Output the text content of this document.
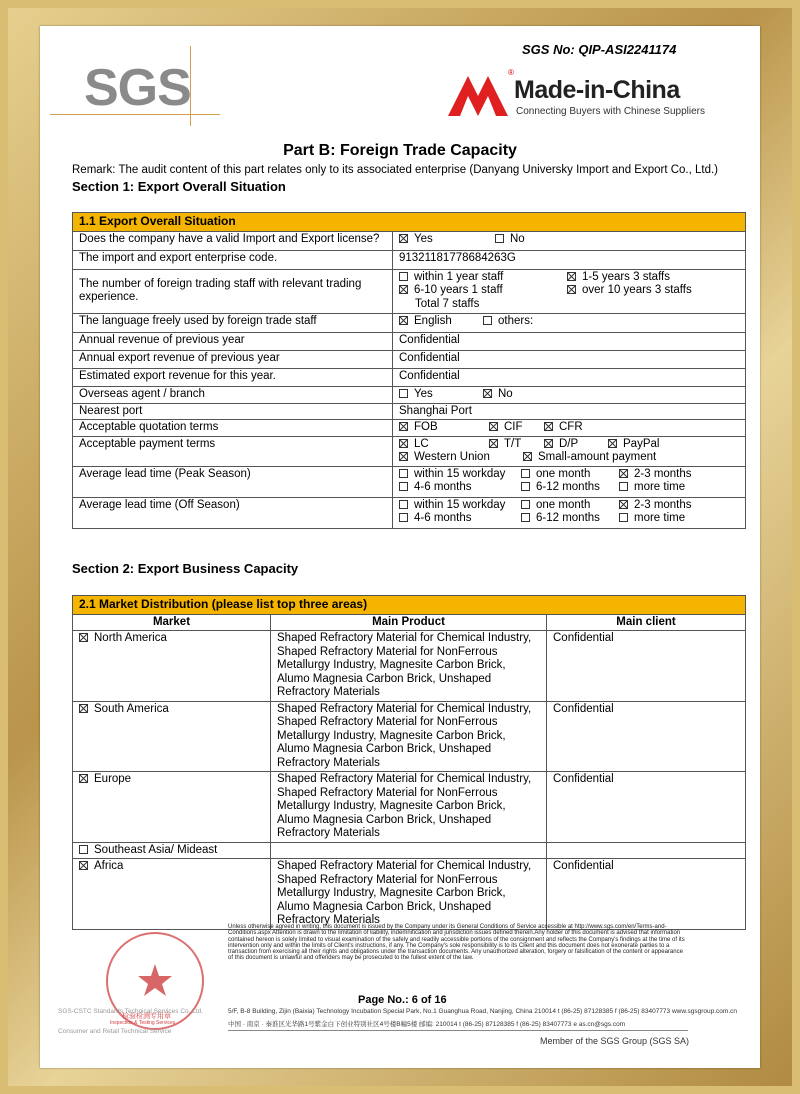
SGS No: QIP-ASI2241174
SGS	®
Made-in-China
Connecting Buyers with Chinese Suppliers
Part B: Foreign Trade Capacity
Remark: The audit content of this part relates only to its associated enterprise (Danyang Universky Import and Export Co., Ltd.)
Section 1: Export Overall Situation
1.1 Export Overall Situation	
Does the company have a valid Import and Export license?	Yes No
The import and export enterprise code.	91321181778684263G
The number of foreign trading staff with relevant trading experience.	within 1 year staff 1-5 years 3 staffs
6-10 years 1 staff over 10 years 3 staffs
Total 7 staffs
The language freely used by foreign trade staff	English others:
Annual revenue of previous year	Confidential
Annual export revenue of previous year	Confidential
Estimated export revenue for this year.	Confidential
Overseas agent / branch	Yes No
Nearest port	Shanghai Port
Acceptable quotation terms	FOB CIF CFR
Acceptable payment terms	LC T/T D/P PayPal
Western Union Small-amount payment
Average lead time (Peak Season)	within 15 workday one month 2-3 months
4-6 months 6-12 months more time
Average lead time (Off Season)	within 15 workday one month 2-3 months
4-6 months 6-12 months more time
Section 2: Export Business Capacity
2.1 Market Distribution (please list top three areas)		
Market	Main Product	Main client
North America	Shaped Refractory Material for Chemical Industry, Shaped Refractory Material for NonFerrous Metallurgy Industry, Magnesite Carbon Brick, Alumo Magnesia Carbon Brick, Unshaped Refractory Materials	Confidential
South America	Shaped Refractory Material for Chemical Industry, Shaped Refractory Material for NonFerrous Metallurgy Industry, Magnesite Carbon Brick, Alumo Magnesia Carbon Brick, Unshaped Refractory Materials	Confidential
Europe	Shaped Refractory Material for Chemical Industry, Shaped Refractory Material for NonFerrous Metallurgy Industry, Magnesite Carbon Brick, Alumo Magnesia Carbon Brick, Unshaped Refractory Materials	Confidential
Southeast Asia/ Mideast		
Africa	Shaped Refractory Material for Chemical Industry, Shaped Refractory Material for NonFerrous Metallurgy Industry, Magnesite Carbon Brick, Alumo Magnesia Carbon Brick, Unshaped Refractory Materials	Confidential
检验检测专用章
Inspection & Testing Services
SGS-CSTC Standards Technical Services Co.,Ltd.
Consumer and Retail Technical Service
Unless otherwise agreed in writing, this document is issued by the Company under its General Conditions of Service accessible at http://www.sgs.com/en/Terms-and-Conditions.aspx Attention is drawn to the limitation of liability, indemnification and jurisdiction issues defined therein.Any holder of this document is advised that information contained hereon is solely limited to visual examination of the safely and readily accessible portions of the consignment and reflects the Company's findings at the time of its intervention only and within the limits of Client's instructions, if any. The Company's sole responsibility is to its Client and this document does not exonerate parties to a transaction from exercising all their rights and obligations under the transaction documents. Any unauthorized alteration, forgery or falsification of the content or appearance of this document is unlawful and offenders may be prosecuted to the fullest extent of the law.
Page No.: 6 of 16
5/F, B-8 Building, Zijin (Baixia) Technology Incubation Special Park, No.1 Guanghua Road, Nanjing, China 210014 t (86-25) 87128385 f (86-25) 83407773 www.sgsgroup.com.cn
中国 · 南京 · 秦淮区光华路1号紫金白下创业特别社区4号楼B幢5楼 邮编: 210014 t (86-25) 87128385 f (86-25) 83407773 e as.cn@sgs.com
Member of the SGS Group (SGS SA)
